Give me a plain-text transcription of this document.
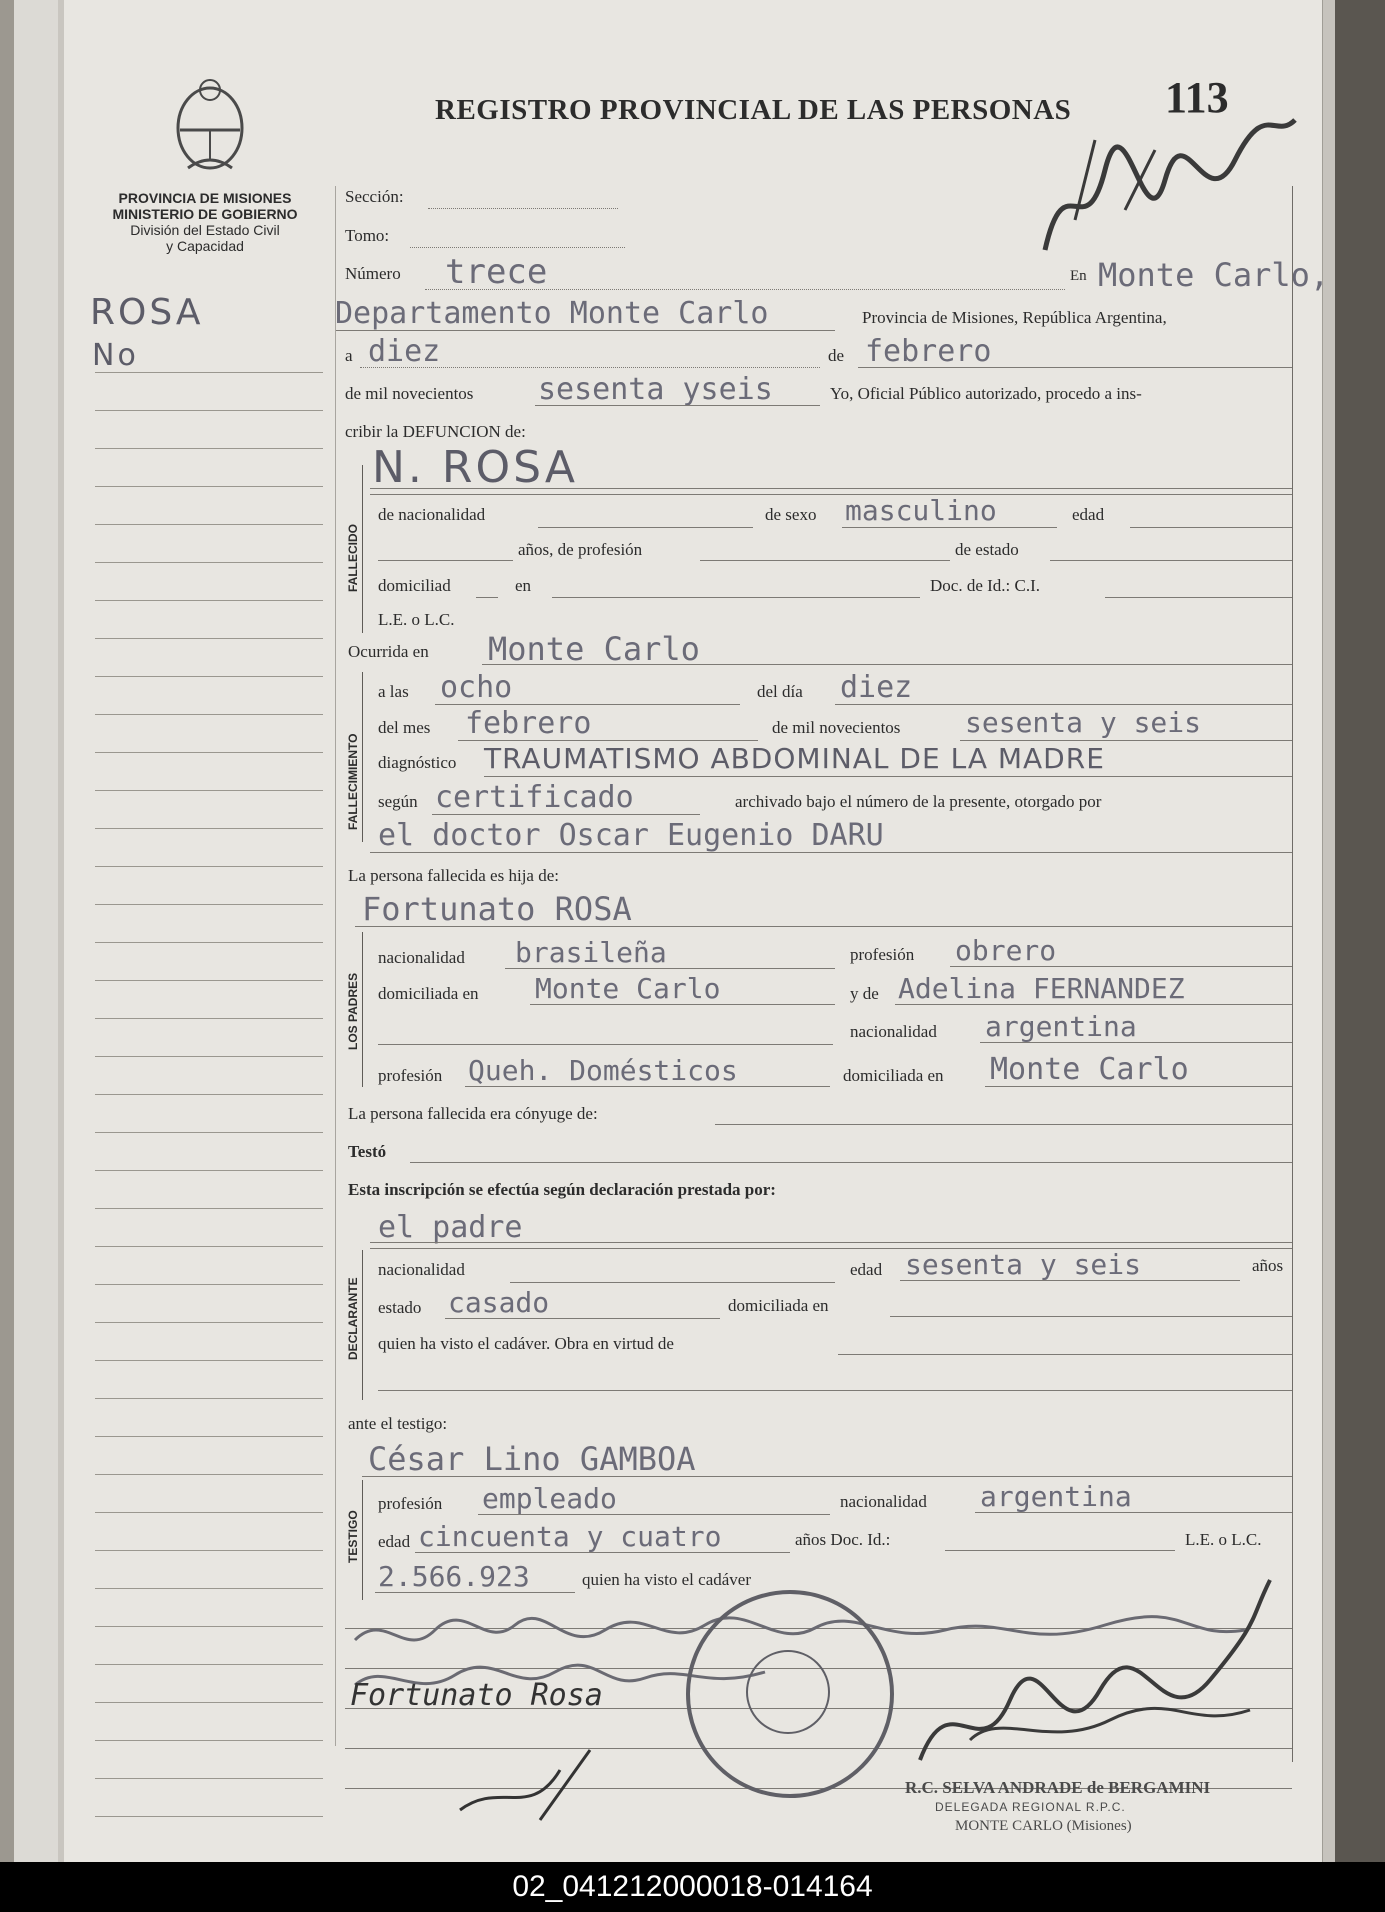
REGISTRO PROVINCIAL DE LAS PERSONAS 113
PROVINCIA DE MISIONES
MINISTERIO DE GOBIERNO
División del Estado Civil
y Capacidad
ROSA
No
Sección:
Tomo:
Número trece	En Monte Carlo,
Departamento Monte Carlo	Provincia de Misiones, República Argentina,
a diez	de febrero
de mil novecientos sesenta yseis	Yo, Oficial Público autorizado, procedo a ins-
cribir la DEFUNCION de:
FALLECIDO
N. ROSA
de nacionalidad	de sexo masculino	edad
años, de profesión	de estado
domiciliad	en	Doc. de Id.: C.I.
L.E. o L.C.
Ocurrida en Monte Carlo
FALLECIMIENTO
a las ocho	del día diez
del mes febrero	de mil novecientos sesenta y seis
diagnóstico TRAUMATISMO ABDOMINAL DE LA MADRE
según certificado	archivado bajo el número de la presente, otorgado por
el doctor Oscar Eugenio DARU
La persona fallecida es hija de:
Fortunato ROSA
LOS PADRES
nacionalidad brasileña	profesión obrero
domiciliada en Monte Carlo	y de Adelina FERNANDEZ
nacionalidad argentina
profesión Queh. Domésticos	domiciliada en Monte Carlo
La persona fallecida era cónyuge de:
Testó
Esta inscripción se efectúa según declaración prestada por:
el padre
DECLARANTE
nacionalidad	edad sesenta y seis	años
estado casado	domiciliada en
quien ha visto el cadáver. Obra en virtud de
ante el testigo:
César Lino GAMBOA
TESTIGO
profesión empleado	nacionalidad argentina
edad cincuenta y cuatro	años Doc. Id.:	L.E. o L.C.
2.566.923	quien ha visto el cadáver
Fortunato Rosa
R.C. SELVA ANDRADE de BERGAMINI
DELEGADA REGIONAL R.P.C.
MONTE CARLO (Misiones)
02_041212000018-014164
